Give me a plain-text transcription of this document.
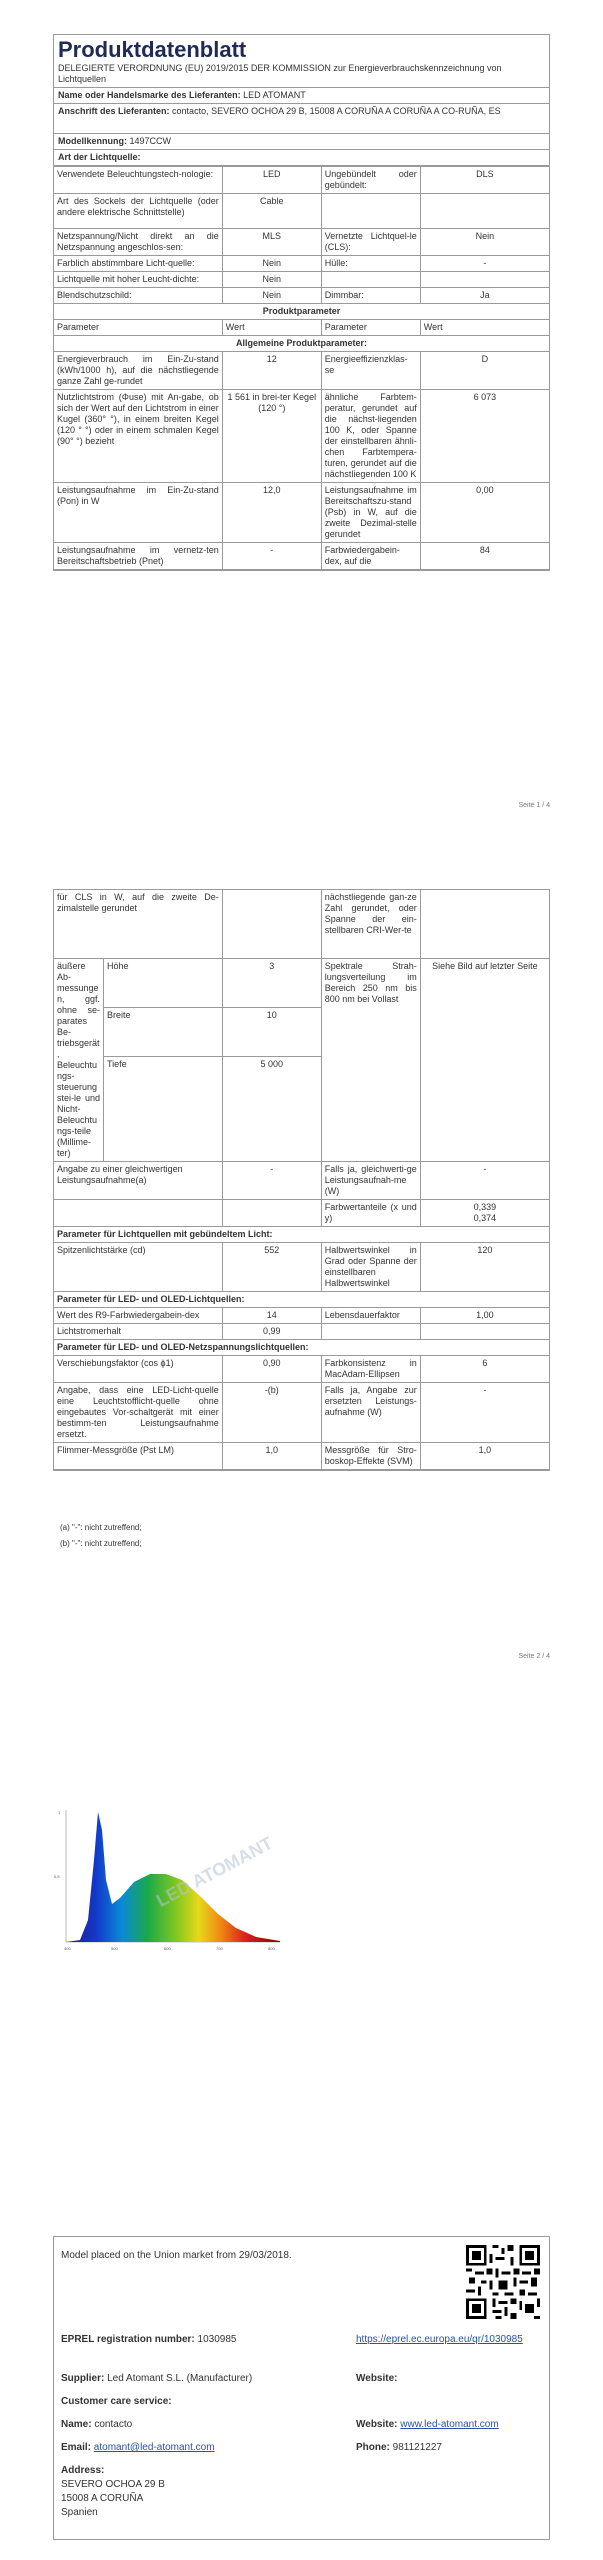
Produktdatenblatt
DELEGIERTE VERORDNUNG (EU) 2019/2015 DER KOMMISSION zur Energieverbrauchskennzeichnung von Lichtquellen
Name oder Handelsmarke des Lieferanten: LED ATOMANT
Anschrift des Lieferanten: contacto, SEVERO OCHOA 29 B, 15008 A CORUÑA A CORUÑA A CO-RUÑA, ES
Modellkennung: 1497CCW
Art der Lichtquelle:
Verwendete Beleuchtungstech-nologie:	LED	Ungebündelt oder gebündelt:	DLS
Art des Sockels der Lichtquelle (oder andere elektrische Schnittstelle)	Cable		
Netzspannung/Nicht direkt an die Netzspannung angeschlos-sen:	MLS	Vernetzte Lichtquel-le (CLS):	Nein
Farblich abstimmbare Licht-quelle:	Nein	Hülle:	-
Lichtquelle mit hoher Leucht-dichte:	Nein		
Blendschutzschild:	Nein	Dimmbar:	Ja
Produktparameter			
Parameter	Wert	Parameter	Wert
Allgemeine Produktparameter:			
Energieverbrauch im Ein-Zu-stand (kWh/1000 h), auf die nächstliegende ganze Zahl ge-rundet	12	Energieeffizienzklas-se	D
Nutzlichtstrom (Φuse) mit An-gabe, ob sich der Wert auf den Lichtstrom in einer Kugel (360° °), in einem breiten Kegel (120 ° °) oder in einem schmalen Kegel (90° °) bezieht	1 561 in brei-ter Kegel (120 °)	ähnliche Farbtem-peratur, gerundet auf die nächst-liegenden 100 K, oder Spanne der einstellbaren ähnli-chen Farbtempera-turen, gerundet auf die nächstliegenden 100 K	6 073
Leistungsaufnahme im Ein-Zu-stand (Pon) in W	12,0	Leistungsaufnahme im Bereitschaftszu-stand (Psb) in W, auf die zweite Dezimal-stelle gerundet	0,00
Leistungsaufnahme im vernetz-ten Bereitschaftsbetrieb (Pnet)	-	Farbwiedergabein-dex, auf die	84
Seite 1 / 4
für CLS in W, auf die zweite De-zimalstelle gerundet			nächstliegende gan-ze Zahl gerundet, oder Spanne der ein-stellbaren CRI-Wer-te	
äußere Ab-messungen, ggf. ohne se-parates Be-triebsgerät, Beleuchtungs-steuerungstei-le und Nicht-Beleuchtungs-teile (Millime-ter)	Höhe	3	Spektrale Strah-lungsverteilung im Bereich 250 nm bis 800 nm bei Vollast	Siehe Bild auf letzter Seite
	Breite	10		
	Tiefe	5 000		
Angabe zu einer gleichwertigen Leistungsaufnahme(a)		-	Falls ja, gleichwerti-ge Leistungsaufnah-me (W)	-
			Farbwertanteile (x und y)	0,339
0,374
Parameter für Lichtquellen mit gebündeltem Licht:				
Spitzenlichtstärke (cd)		552	Halbwertswinkel in Grad oder Spanne der einstellbaren Halbwertswinkel	120
Parameter für LED- und OLED-Lichtquellen:				
Wert des R9-Farbwiedergabein-dex		14	Lebensdauerfaktor	1,00
Lichtstromerhalt		0,99		
Parameter für LED- und OLED-Netzspannungslichtquellen:				
Verschiebungsfaktor (cos ϕ1)		0,90	Farbkonsistenz in MacAdam-Ellipsen	6
Angabe, dass eine LED-Licht-quelle eine Leuchtstofflicht-quelle ohne eingebautes Vor-schaltgerät mit einer bestimm-ten Leistungsaufnahme ersetzt.		-(b)	Falls ja, Angabe zur ersetzten Leistungs-aufnahme (W)	-
Flimmer-Messgröße (Pst LM)		1,0	Messgröße für Stro-boskop-Effekte (SVM)	1,0
(a) "-": nicht zutreffend;
(b) "-": nicht zutreffend;
Seite 2 / 4
1
0,5	LED ATOMANT
400	500	600	700	800
Model placed on the Union market from 29/03/2018.
EPREL registration number: 1030985	https://eprel.ec.europa.eu/qr/1030985
Supplier: Led Atomant S.L. (Manufacturer)	Website:
Customer care service:
Name: contacto	Website: www.led-atomant.com
Email: atomant@led-atomant.com	Phone: 981121227
Address:
SEVERO OCHOA 29 B
15008 A CORUÑA
Spanien
